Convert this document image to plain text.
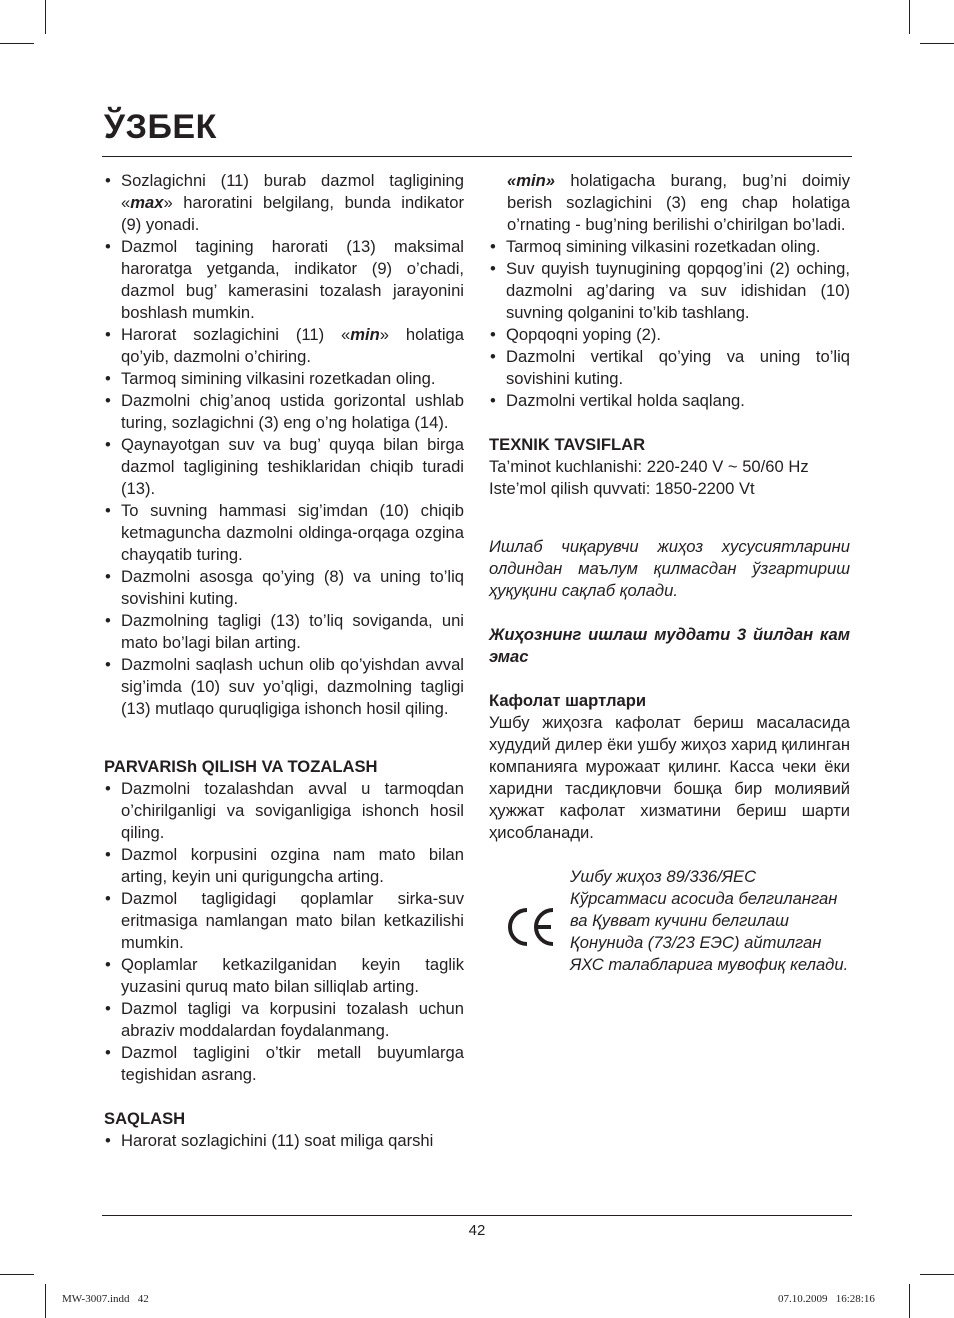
ЎЗБЕК
• Sozlagichni (11) burab dazmol tagligining «max» haroratini belgilang, bunda indikator (9) yonadi.
• Dazmol tagining harorati (13) maksimal haroratga yetganda, indikator (9) o’chadi, dazmol bug’ kamerasini tozalash jarayonini boshlash mumkin.
• Harorat sozlagichini (11) «min» holatiga qo’yib, dazmolni o’chiring.
• Tarmoq simining vilkasini rozetkadan oling.
• Dazmolni chig’anoq ustida gorizontal ushlab turing, sozlagichni (3) eng o’ng holatiga (14).
• Qaynayotgan suv va bug’ quyqa bilan birga dazmol tagligining teshiklaridan chiqib turadi (13).
• To suvning hammasi sig’imdan (10) chiqib ketmaguncha dazmolni oldinga-orqaga ozgina chayqatib turing.
• Dazmolni asosga qo’ying (8) va uning to’liq sovishini kuting.
• Dazmolning tagligi (13) to’liq soviganda, uni mato bo’lagi bilan arting.
• Dazmolni saqlash uchun olib qo’yishdan avval sig’imda (10) suv yo’qligi, dazmolning tagligi (13) mutlaqo quruqligiga ishonch hosil qiling.

PARVARISh QILISH VA TOZALASH

• Dazmolni tozalashdan avval u tarmoqdan o’chirilganligi va soviganligiga ishonch hosil qiling.
• Dazmol korpusini ozgina nam mato bilan arting, keyin uni qurigungcha arting.
• Dazmol tagligidagi qoplamlar sirka-suv eritmasiga namlangan mato bilan ketkazilishi mumkin.
• Qoplamlar ketkazilganidan keyin taglik yuzasini quruq mato bilan silliqlab arting.
• Dazmol tagligi va korpusini tozalash uchun abraziv moddalardan foydalanmang.
• Dazmol tagligini o’tkir metall buyumlarga tegishidan asrang.

SAQLASH

• Harorat sozlagichini (11) soat miliga qarshi

«min» holatigacha burang, bug’ni doimiy berish sozlagichini (3) eng chap holatiga o’rnating - bug’ning berilishi o’chirilgan bo’ladi.

• Tarmoq simining vilkasini rozetkadan oling.
• Suv quyish tuynugining qopqog’ini (2) oching, dazmolni ag’daring va suv idishidan (10) suvning qolganini to’kib tashlang.
• Qopqoqni yoping (2).
• Dazmolni vertikal qo’ying va uning to’liq sovishini kuting.
• Dazmolni vertikal holda saqlang.

TEXNIK TAVSIFLAR

Ta’minot kuchlanishi: 220-240 V ~ 50/60 Hz

Iste’mol qilish quvvati: 1850-2200 Vt

Ишлаб чиқарувчи жиҳоз хусусиятларини олдиндан маълум қилмасдан ўзгартириш ҳуқуқини сақлаб қолади.

Жиҳознинг ишлаш муддати 3 йилдан кам эмас

Кафолат шартлари

Ушбу жиҳозга кафолат бериш масаласида худудий дилер ёки ушбу жиҳоз харид қилинган компанияга мурожаат қилинг. Касса чеки ёки харидни тасдиқловчи бошқа бир молиявий ҳужжат кафолат хизматини бериш шарти ҳисобланади.

Ушбу жиҳоз 89/336/ЯЕС Кўрсатмаси асосида белгиланган ва Қувват кучини белгилаш Қонунида (73/23 ЕЭС) айтилган ЯХС талабларига мувофиқ келади.

42
MW-3007.indd   42	07.10.2009   16:28:16
